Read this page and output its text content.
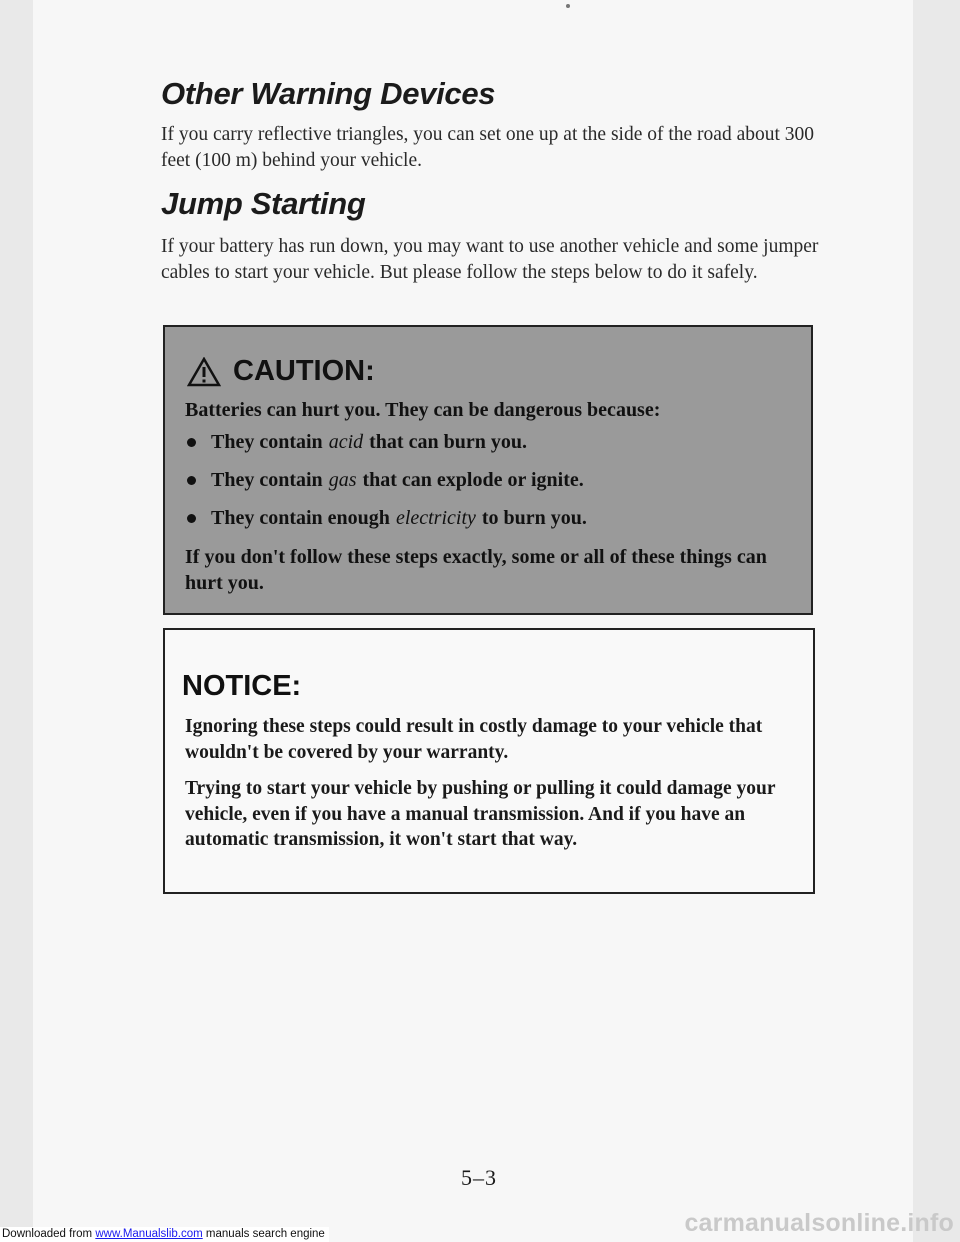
Other Warning Devices

If you carry reflective triangles, you can set one up at the side of the road about 300 feet (100 m) behind your vehicle.

Jump Starting

If your battery has run down, you may want to use another vehicle and some jumper cables to start your vehicle. But please follow the steps below to do it safely.

CAUTION:

Batteries can hurt you. They can be dangerous because:

They contain acid that can burn you.
They contain gas that can explode or ignite.
They contain enough electricity to burn you.

If you don't follow these steps exactly, some or all of these things can hurt you.

NOTICE:

Ignoring these steps could result in costly damage to your vehicle that wouldn't be covered by your warranty.

Trying to start your vehicle by pushing or pulling it could damage your vehicle, even if you have a manual transmission. And if you have an automatic transmission, it won't start that way.

5–3
Downloaded from www.Manualslib.com manuals search engine	carmanualsonline.info
